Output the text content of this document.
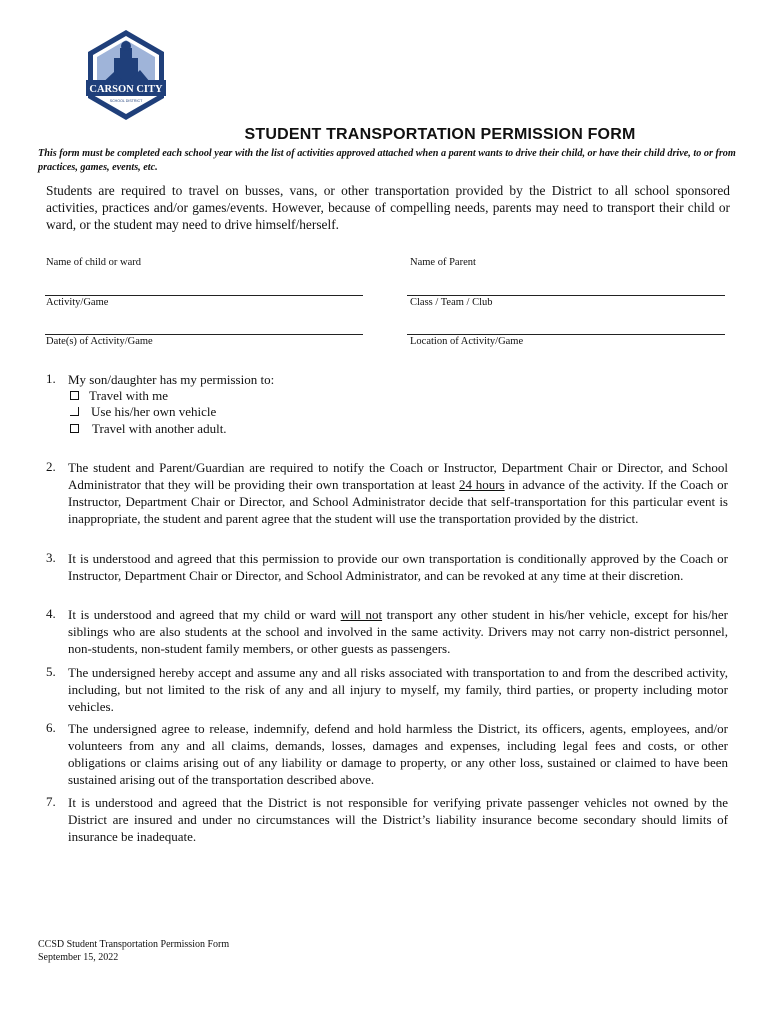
CARSON CITY
SCHOOL DISTRICT
STUDENT TRANSPORTATION PERMISSION FORM
This form must be completed each school year with the list of activities approved attached when a parent wants to drive their child, or have their child drive, to or from practices, games, events, etc.
Students are required to travel on busses, vans, or other transportation provided by the District to all school sponsored activities, practices and/or games/events. However, because of compelling needs, parents may need to transport their child or ward, or the student may need to drive himself/herself.
Name of child or ward	Name of Parent
Activity/Game	Class / Team / Club
Date(s) of Activity/Game	Location of Activity/Game
1. My son/daughter has my permission to:
Travel with me
Use his/her own vehicle
Travel with another adult.
2. The student and Parent/Guardian are required to notify the Coach or Instructor, Department Chair or Director, and School Administrator that they will be providing their own transportation at least 24 hours in advance of the activity. If the Coach or Instructor, Department Chair or Director, and School Administrator decide that self-transportation for this particular event is inappropriate, the student and parent agree that the student will use the transportation provided by the district.
3. It is understood and agreed that this permission to provide our own transportation is conditionally approved by the Coach or Instructor, Department Chair or Director, and School Administrator, and can be revoked at any time at their discretion.
4. It is understood and agreed that my child or ward will not transport any other student in his/her vehicle, except for his/her siblings who are also students at the school and involved in the same activity. Drivers may not carry non-district personnel, non-students, non-student family members, or other guests as passengers.
5. The undersigned hereby accept and assume any and all risks associated with transportation to and from the described activity, including, but not limited to the risk of any and all injury to myself, my family, third parties, or property including motor vehicles.
6. The undersigned agree to release, indemnify, defend and hold harmless the District, its officers, agents, employees, and/or volunteers from any and all claims, demands, losses, damages and expenses, including legal fees and costs, or other obligations or claims arising out of any liability or damage to property, or any other loss, sustained or claimed to have been sustained arising out of the transportation described above.
7. It is understood and agreed that the District is not responsible for verifying private passenger vehicles not owned by the District are insured and under no circumstances will the District’s liability insurance become secondary should limits of insurance be inadequate.
CCSD Student Transportation Permission Form
September 15, 2022
